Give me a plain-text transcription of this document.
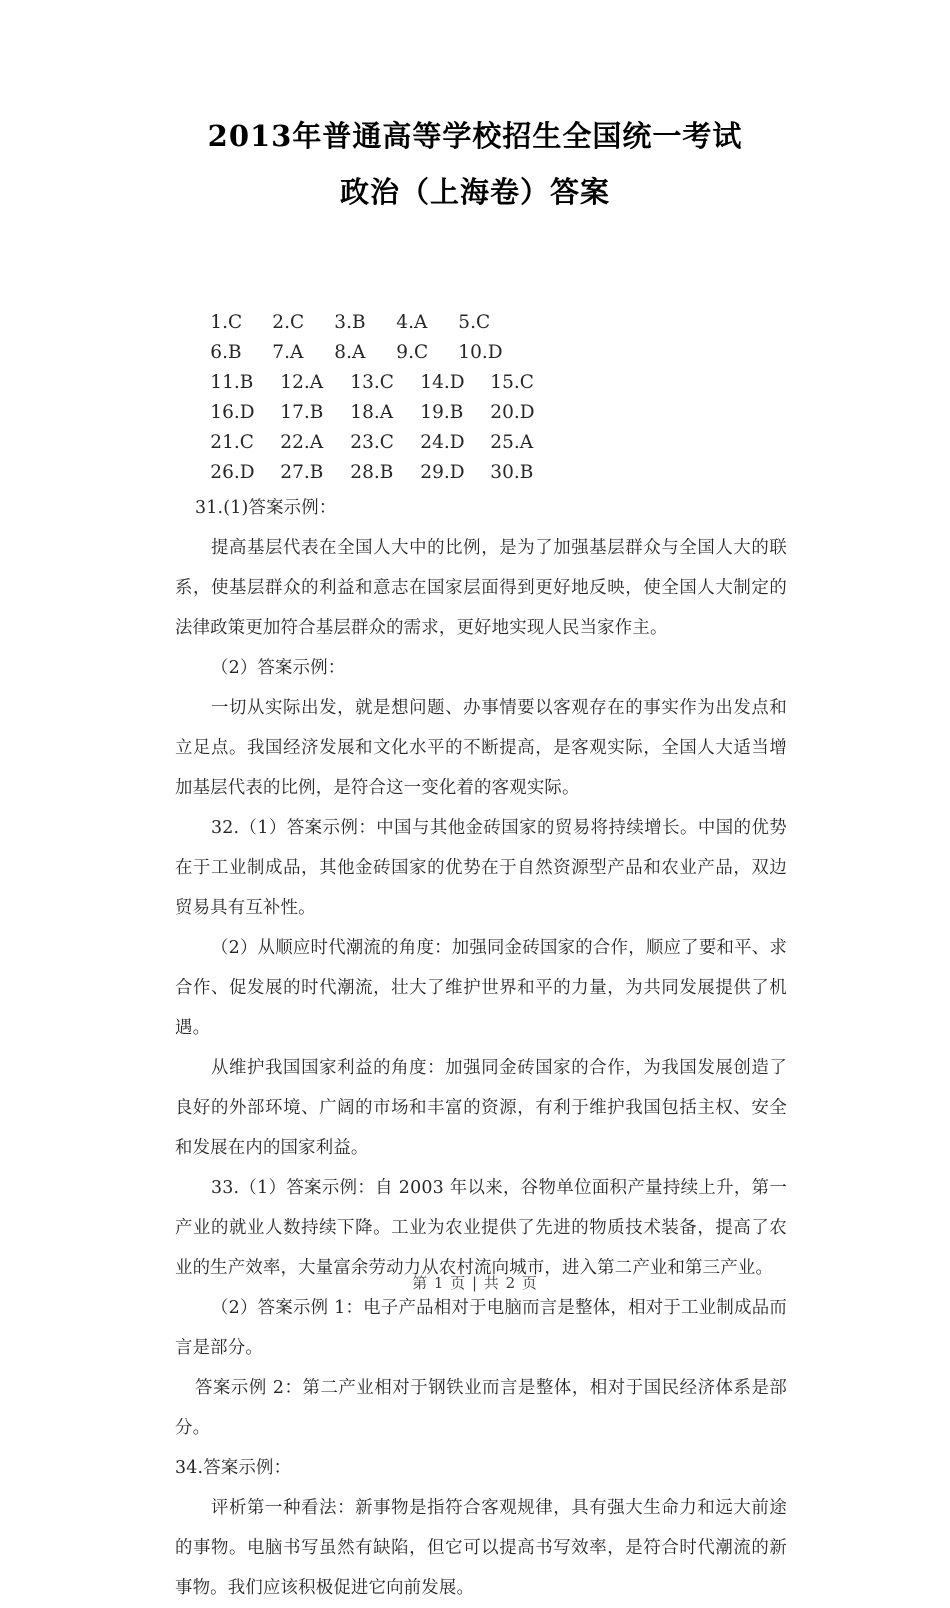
2013年普通高等学校招生全国统一考试
政治（上海卷）答案

1.C 2.C 3.B 4.A 5.C

6.B 7.A 8.A 9.C 10.D

11.B 12.A 13.C 14.D 15.C

16.D 17.B 18.A 19.B 20.D

21.C 22.A 23.C 24.D 25.A

26.D 27.B 28.B 29.D 30.B

31.(1)答案示例：

提高基层代表在全国人大中的比例，是为了加强基层群众与全国人大的联系，使基层群众的利益和意志在国家层面得到更好地反映，使全国人大制定的法律政策更加符合基层群众的需求，更好地实现人民当家作主。

（2）答案示例：

一切从实际出发，就是想问题、办事情要以客观存在的事实作为出发点和立足点。我国经济发展和文化水平的不断提高，是客观实际，全国人大适当增加基层代表的比例，是符合这一变化着的客观实际。

32.（1）答案示例：中国与其他金砖国家的贸易将持续增长。中国的优势在于工业制成品，其他金砖国家的优势在于自然资源型产品和农业产品，双边贸易具有互补性。

（2）从顺应时代潮流的角度：加强同金砖国家的合作，顺应了要和平、求合作、促发展的时代潮流，壮大了维护世界和平的力量，为共同发展提供了机遇。

从维护我国国家利益的角度：加强同金砖国家的合作，为我国发展创造了良好的外部环境、广阔的市场和丰富的资源，有利于维护我国包括主权、安全和发展在内的国家利益。

33.（1）答案示例：自 2003 年以来，谷物单位面积产量持续上升，第一产业的就业人数持续下降。工业为农业提供了先进的物质技术装备，提高了农业的生产效率，大量富余劳动力从农村流向城市，进入第二产业和第三产业。

（2）答案示例 1：电子产品相对于电脑而言是整体，相对于工业制成品而言是部分。

答案示例 2：第二产业相对于钢铁业而言是整体，相对于国民经济体系是部分。

34.答案示例：

评析第一种看法：新事物是指符合客观规律，具有强大生命力和远大前途的事物。电脑书写虽然有缺陷，但它可以提高书写效率，是符合时代潮流的新事物。我们应该积极促进它向前发展。

第 1 页 | 共 2 页
